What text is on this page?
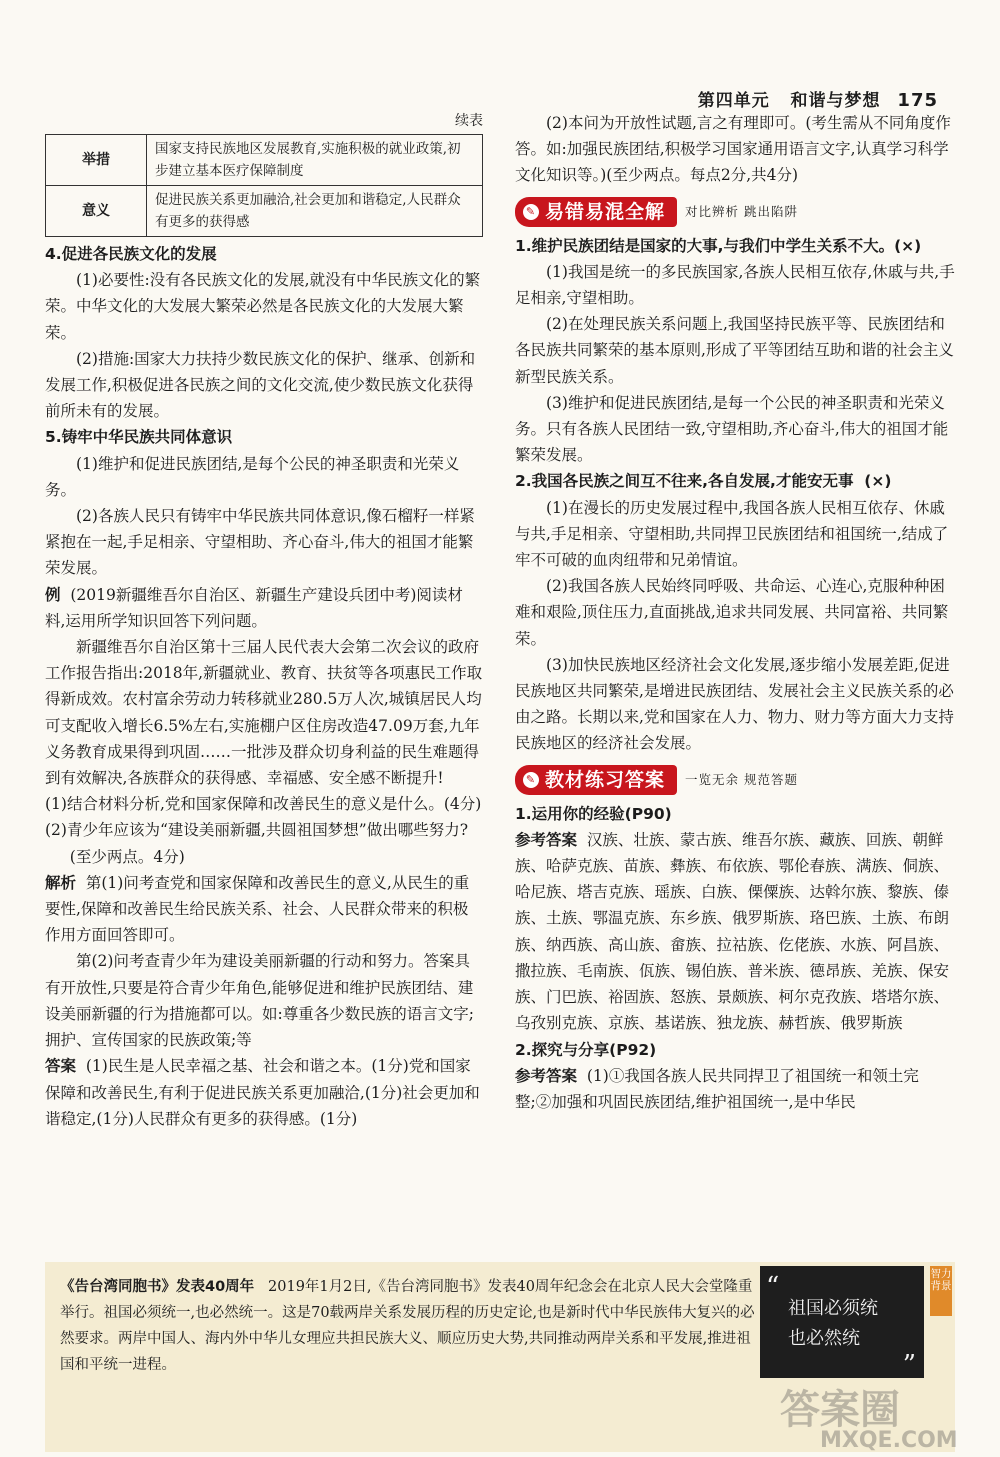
第四单元 和谐与梦想 175
续表
举措	国家支持民族地区发展教育,实施积极的就业政策,初步建立基本医疗保障制度
意义	促进民族关系更加融洽,社会更加和谐稳定,人民群众有更多的获得感

4.促进各民族文化的发展

(1)必要性:没有各民族文化的发展,就没有中华民族文化的繁荣。中华文化的大发展大繁荣必然是各民族文化的大发展大繁荣。

(2)措施:国家大力扶持少数民族文化的保护、继承、创新和发展工作,积极促进各民族之间的文化交流,使少数民族文化获得前所未有的发展。

5.铸牢中华民族共同体意识

(1)维护和促进民族团结,是每个公民的神圣职责和光荣义务。

(2)各族人民只有铸牢中华民族共同体意识,像石榴籽一样紧紧抱在一起,手足相亲、守望相助、齐心奋斗,伟大的祖国才能繁荣发展。

例 (2019新疆维吾尔自治区、新疆生产建设兵团中考)阅读材料,运用所学知识回答下列问题。

新疆维吾尔自治区第十三届人民代表大会第二次会议的政府工作报告指出:2018年,新疆就业、教育、扶贫等各项惠民工作取得新成效。农村富余劳动力转移就业280.5万人次,城镇居民人均可支配收入增长6.5%左右,实施棚户区住房改造47.09万套,九年义务教育成果得到巩固……一批涉及群众切身利益的民生难题得到有效解决,各族群众的获得感、幸福感、安全感不断提升!

(1)结合材料分析,党和国家保障和改善民生的意义是什么。(4分)

(2)青少年应该为“建设美丽新疆,共圆祖国梦想”做出哪些努力?(至少两点。4分)

解析 第(1)问考查党和国家保障和改善民生的意义,从民生的重要性,保障和改善民生给民族关系、社会、人民群众带来的积极作用方面回答即可。

第(2)问考查青少年为建设美丽新疆的行动和努力。答案具有开放性,只要是符合青少年角色,能够促进和维护民族团结、建设美丽新疆的行为措施都可以。如:尊重各少数民族的语言文字;拥护、宣传国家的民族政策;等

答案 (1)民生是人民幸福之基、社会和谐之本。(1分)党和国家保障和改善民生,有利于促进民族关系更加融洽,(1分)社会更加和谐稳定,(1分)人民群众有更多的获得感。(1分)

(2)本问为开放性试题,言之有理即可。(考生需从不同角度作答。如:加强民族团结,积极学习国家通用语言文字,认真学习科学文化知识等。)(至少两点。每点2分,共4分)

✎ 易错易混全解 对比辨析 跳出陷阱

1.维护民族团结是国家的大事,与我们中学生关系不大。(×)

(1)我国是统一的多民族国家,各族人民相互依存,休戚与共,手足相亲,守望相助。

(2)在处理民族关系问题上,我国坚持民族平等、民族团结和各民族共同繁荣的基本原则,形成了平等团结互助和谐的社会主义新型民族关系。

(3)维护和促进民族团结,是每一个公民的神圣职责和光荣义务。只有各族人民团结一致,守望相助,齐心奋斗,伟大的祖国才能繁荣发展。

2.我国各民族之间互不往来,各自发展,才能安无事 (×)

(1)在漫长的历史发展过程中,我国各族人民相互依存、休戚与共,手足相亲、守望相助,共同捍卫民族团结和祖国统一,结成了牢不可破的血肉纽带和兄弟情谊。

(2)我国各族人民始终同呼吸、共命运、心连心,克服种种困难和艰险,顶住压力,直面挑战,追求共同发展、共同富裕、共同繁荣。

(3)加快民族地区经济社会文化发展,逐步缩小发展差距,促进民族地区共同繁荣,是增进民族团结、发展社会主义民族关系的必由之路。长期以来,党和国家在人力、物力、财力等方面大力支持民族地区的经济社会发展。

✎ 教材练习答案 一览无余 规范答题

1.运用你的经验(P90)

参考答案 汉族、壮族、蒙古族、维吾尔族、藏族、回族、朝鲜族、哈萨克族、苗族、彝族、布依族、鄂伦春族、满族、侗族、哈尼族、塔吉克族、瑶族、白族、傈僳族、达斡尔族、黎族、傣族、土族、鄂温克族、东乡族、俄罗斯族、珞巴族、土族、布朗族、纳西族、高山族、畲族、拉祜族、仡佬族、水族、阿昌族、撒拉族、毛南族、佤族、锡伯族、普米族、德昂族、羌族、保安族、门巴族、裕固族、怒族、景颇族、柯尔克孜族、塔塔尔族、乌孜别克族、京族、基诺族、独龙族、赫哲族、俄罗斯族

2.探究与分享(P92)

参考答案 (1)①我国各族人民共同捍卫了祖国统一和领土完整;②加强和巩固民族团结,维护祖国统一,是中华民

《告台湾同胞书》发表40周年 2019年1月2日,《告台湾同胞书》发表40周年纪念会在北京人民大会堂隆重举行。祖国必须统一,也必然统一。这是70载两岸关系发展历程的历史定论,也是新时代中华民族伟大复兴的必然要求。两岸中国人、海内外中华儿女理应共担民族大义、顺应历史大势,共同推动两岸关系和平发展,推进祖国和平统一进程。
“
祖国必须统
也必然统
”
智力背景
答案圈
MXQE.COM
